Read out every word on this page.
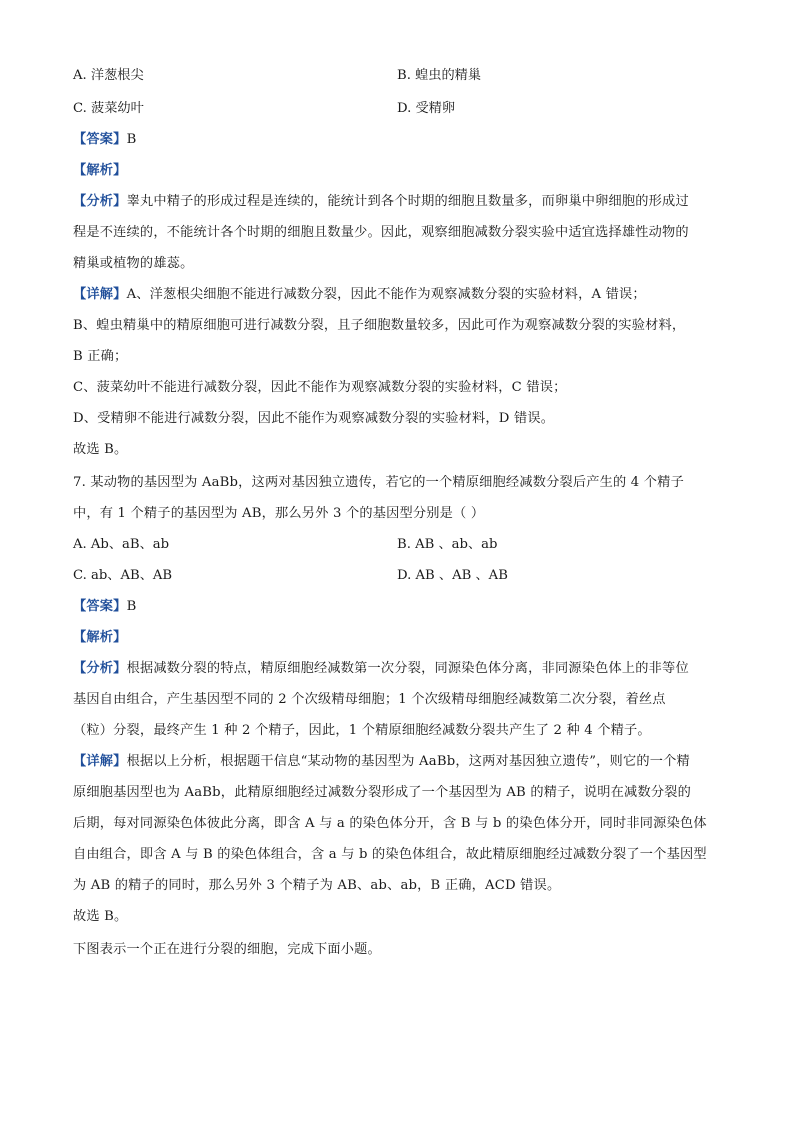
A. 洋葱根尖	B. 蝗虫的精巢
C. 菠菜幼叶	D. 受精卵
【答案】B
【解析】
【分析】睾丸中精子的形成过程是连续的，能统计到各个时期的细胞且数量多，而卵巢中卵细胞的形成过
程是不连续的，不能统计各个时期的细胞且数量少。因此，观察细胞减数分裂实验中适宜选择雄性动物的
精巢或植物的雄蕊。
【详解】A、洋葱根尖细胞不能进行减数分裂，因此不能作为观察减数分裂的实验材料，A 错误；
B、蝗虫精巢中的精原细胞可进行减数分裂，且子细胞数量较多，因此可作为观察减数分裂的实验材料，
B 正确；
C、菠菜幼叶不能进行减数分裂，因此不能作为观察减数分裂的实验材料，C 错误；
D、受精卵不能进行减数分裂，因此不能作为观察减数分裂的实验材料，D 错误。
故选 B。
7. 某动物的基因型为 AaBb，这两对基因独立遗传，若它的一个精原细胞经减数分裂后产生的 4 个精子
中，有 1 个精子的基因型为 AB，那么另外 3 个的基因型分别是（ ）
A. Ab、aB、ab	B. AB 、ab、ab
C. ab、AB、AB	D. AB 、AB 、AB
【答案】B
【解析】
【分析】根据减数分裂的特点，精原细胞经减数第一次分裂，同源染色体分离，非同源染色体上的非等位
基因自由组合，产生基因型不同的 2 个次级精母细胞；1 个次级精母细胞经减数第二次分裂，着丝点
（粒）分裂，最终产生 1 种 2 个精子，因此，1 个精原细胞经减数分裂共产生了 2 种 4 个精子。
【详解】根据以上分析，根据题干信息“某动物的基因型为 AaBb，这两对基因独立遗传”，则它的一个精
原细胞基因型也为 AaBb，此精原细胞经过减数分裂形成了一个基因型为 AB 的精子，说明在减数分裂的
后期，每对同源染色体彼此分离，即含 A 与 a 的染色体分开，含 B 与 b 的染色体分开，同时非同源染色体
自由组合，即含 A 与 B 的染色体组合，含 a 与 b 的染色体组合，故此精原细胞经过减数分裂了一个基因型
为 AB 的精子的同时，那么另外 3 个精子为 AB、ab、ab，B 正确，ACD 错误。
故选 B。
下图表示一个正在进行分裂的细胞，完成下面小题。
